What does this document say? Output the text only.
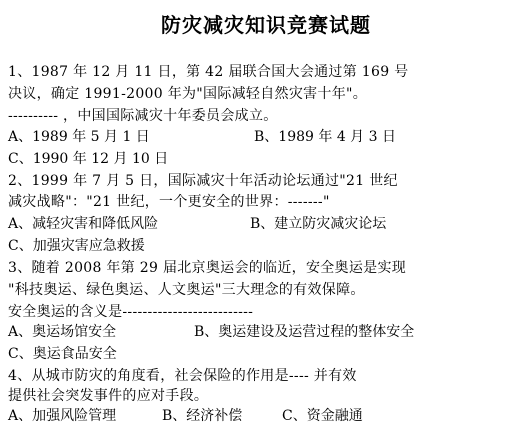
防灾减灾知识竞赛试题
1、1987 年 12 月 11 日，第 42 届联合国大会通过第 169 号
决议，确定 1991-2000 年为"国际减轻自然灾害十年"。
---------- ，中国国际减灾十年委员会成立。
A、1989 年 5 月 1 日	B、1989 年 4 月 3 日
C、1990 年 12 月 10 日
2、1999 年 7 月 5 日，国际减灾十年活动论坛通过"21 世纪
减灾战略"："21 世纪，一个更安全的世界：-------"
A、减轻灾害和降低风险	B、建立防灾减灾论坛
C、加强灾害应急救援
3、随着 2008 年第 29 届北京奥运会的临近，安全奥运是实现
"科技奥运、绿色奥运、人文奥运"三大理念的有效保障。
安全奥运的含义是--------------------------
A、奥运场馆安全	B、奥运建设及运营过程的整体安全
C、奥运食品安全
4、从城市防灾的角度看，社会保险的作用是---- 并有效
提供社会突发事件的应对手段。
A、加强风险管理	B、经济补偿	C、资金融通
